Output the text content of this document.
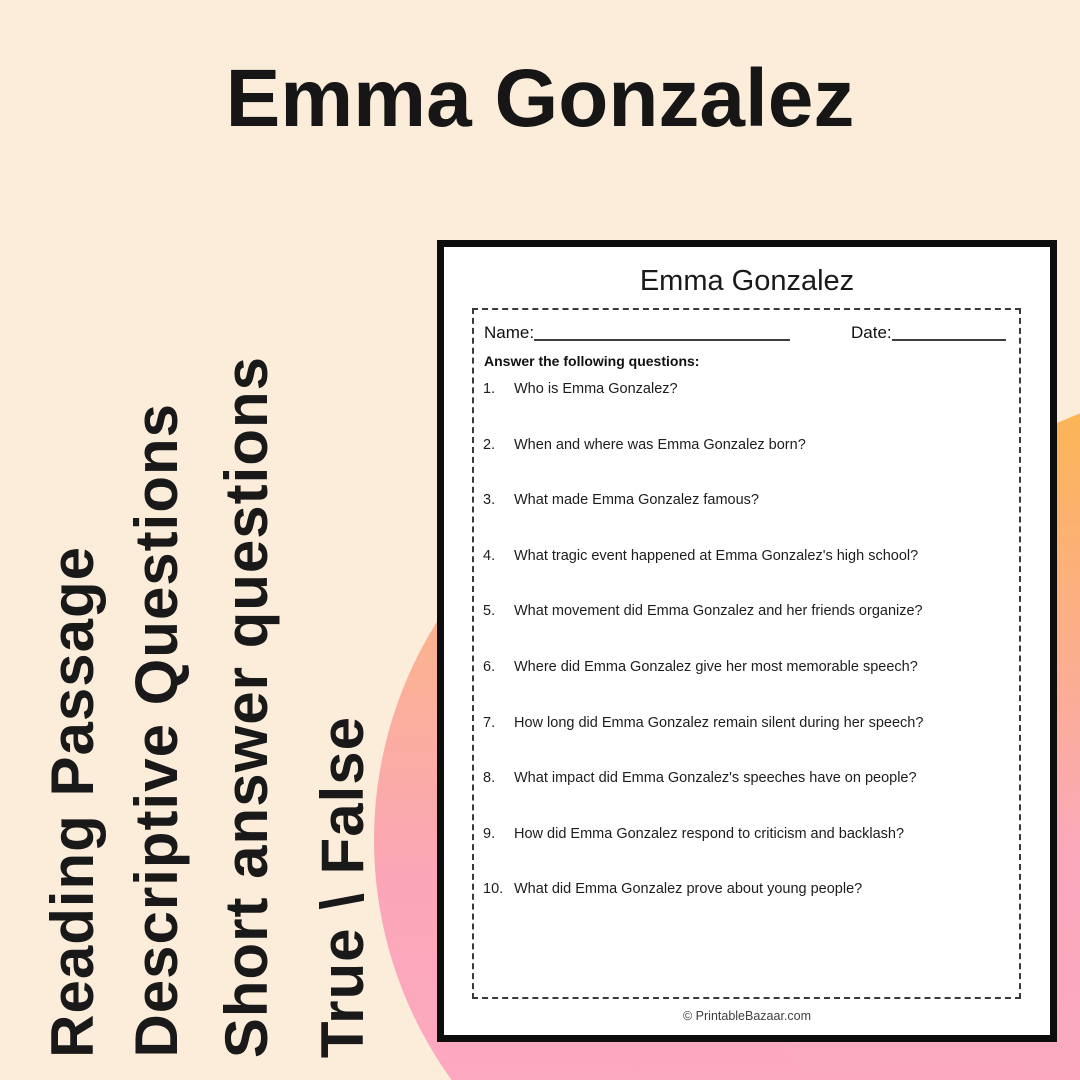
Emma Gonzalez
Reading Passage Descriptive Questions Short answer questions True \ False
Emma Gonzalez
Name:	Date:
Answer the following questions:
1.	Who is Emma Gonzalez?
2.	When and where was Emma Gonzalez born?
3.	What made Emma Gonzalez famous?
4.	What tragic event happened at Emma Gonzalez's high school?
5.	What movement did Emma Gonzalez and her friends organize?
6.	Where did Emma Gonzalez give her most memorable speech?
7.	How long did Emma Gonzalez remain silent during her speech?
8.	What impact did Emma Gonzalez's speeches have on people?
9.	How did Emma Gonzalez respond to criticism and backlash?
10. What did Emma Gonzalez prove about young people?
© PrintableBazaar.com
